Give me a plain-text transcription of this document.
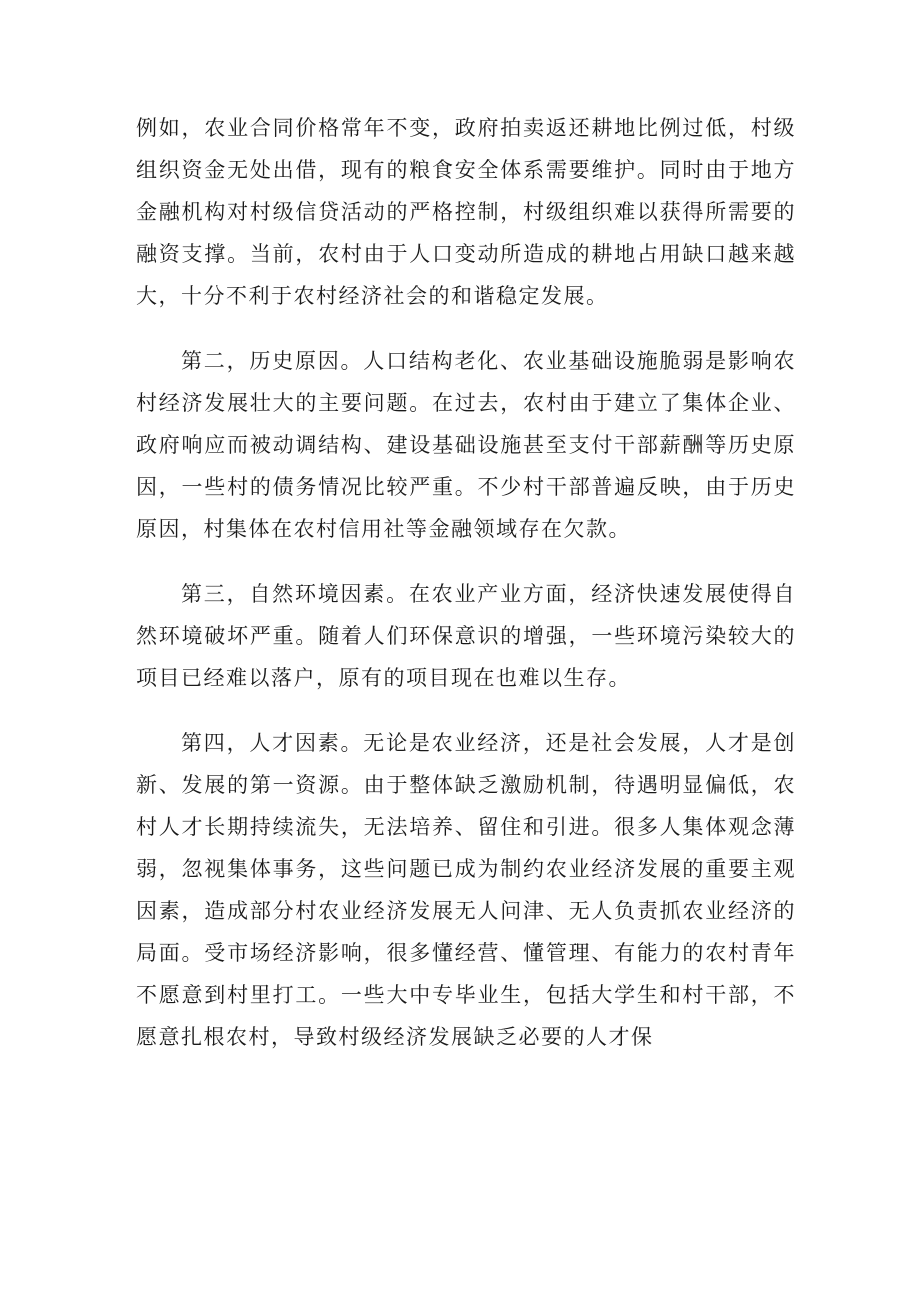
例如，农业合同价格常年不变，政府拍卖返还耕地比例过低，村级组织资金无处出借，现有的粮食安全体系需要维护。同时由于地方金融机构对村级信贷活动的严格控制，村级组织难以获得所需要的融资支撑。当前，农村由于人口变动所造成的耕地占用缺口越来越大，十分不利于农村经济社会的和谐稳定发展。

第二，历史原因。人口结构老化、农业基础设施脆弱是影响农村经济发展壮大的主要问题。在过去，农村由于建立了集体企业、政府响应而被动调结构、建设基础设施甚至支付干部薪酬等历史原因，一些村的债务情况比较严重。不少村干部普遍反映，由于历史原因，村集体在农村信用社等金融领域存在欠款。

第三，自然环境因素。在农业产业方面，经济快速发展使得自然环境破坏严重。随着人们环保意识的增强，一些环境污染较大的项目已经难以落户，原有的项目现在也难以生存。

第四，人才因素。无论是农业经济，还是社会发展，人才是创新、发展的第一资源。由于整体缺乏激励机制，待遇明显偏低，农村人才长期持续流失，无法培养、留住和引进。很多人集体观念薄弱，忽视集体事务，这些问题已成为制约农业经济发展的重要主观因素，造成部分村农业经济发展无人问津、无人负责抓农业经济的局面。受市场经济影响，很多懂经营、懂管理、有能力的农村青年不愿意到村里打工。一些大中专毕业生，包括大学生和村干部，不愿意扎根农村，导致村级经济发展缺乏必要的人才保
